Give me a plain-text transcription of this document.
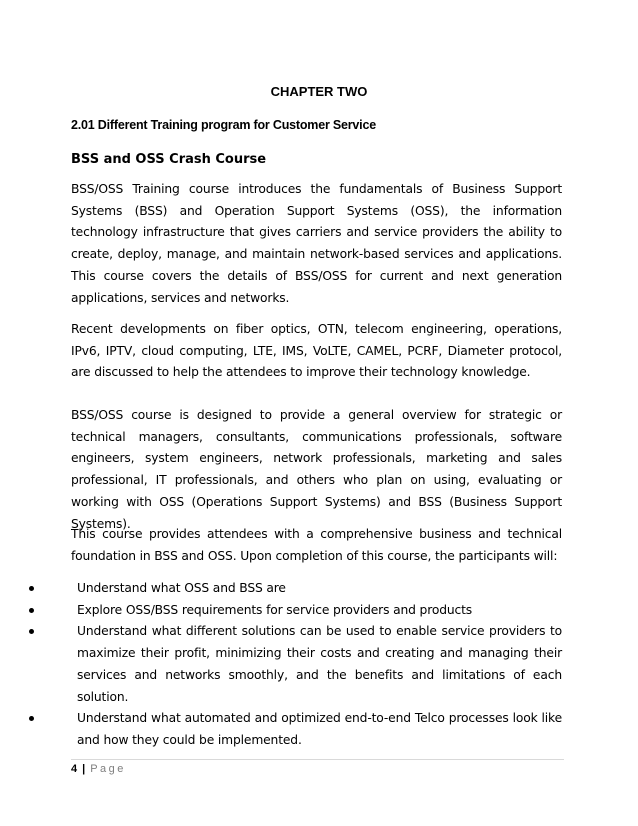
CHAPTER TWO
2.01 Different Training program for Customer Service
BSS and OSS Crash Course

BSS/OSS Training course introduces the fundamentals of Business Support Systems (BSS) and Operation Support Systems (OSS), the information technology infrastructure that gives carriers and service providers the ability to create, deploy, manage, and maintain network-based services and applications. This course covers the details of BSS/OSS for current and next generation applications, services and networks.

Recent developments on fiber optics, OTN, telecom engineering, operations, IPv6, IPTV, cloud computing, LTE, IMS, VoLTE, CAMEL, PCRF, Diameter protocol, are discussed to help the attendees to improve their technology knowledge.

BSS/OSS course is designed to provide a general overview for strategic or technical managers, consultants, communications professionals, software engineers, system engineers, network professionals, marketing and sales professional, IT professionals, and others who plan on using, evaluating or working with OSS (Operations Support Systems) and BSS (Business Support Systems).

This course provides attendees with a comprehensive business and technical foundation in BSS and OSS. Upon completion of this course, the participants will:

Understand what OSS and BSS are
Explore OSS/BSS requirements for service providers and products
Understand what different solutions can be used to enable service providers to maximize their profit, minimizing their costs and creating and managing their services and networks smoothly, and the benefits and limitations of each solution.
Understand what automated and optimized end-to-end Telco processes look like and how they could be implemented.
4 | Page
